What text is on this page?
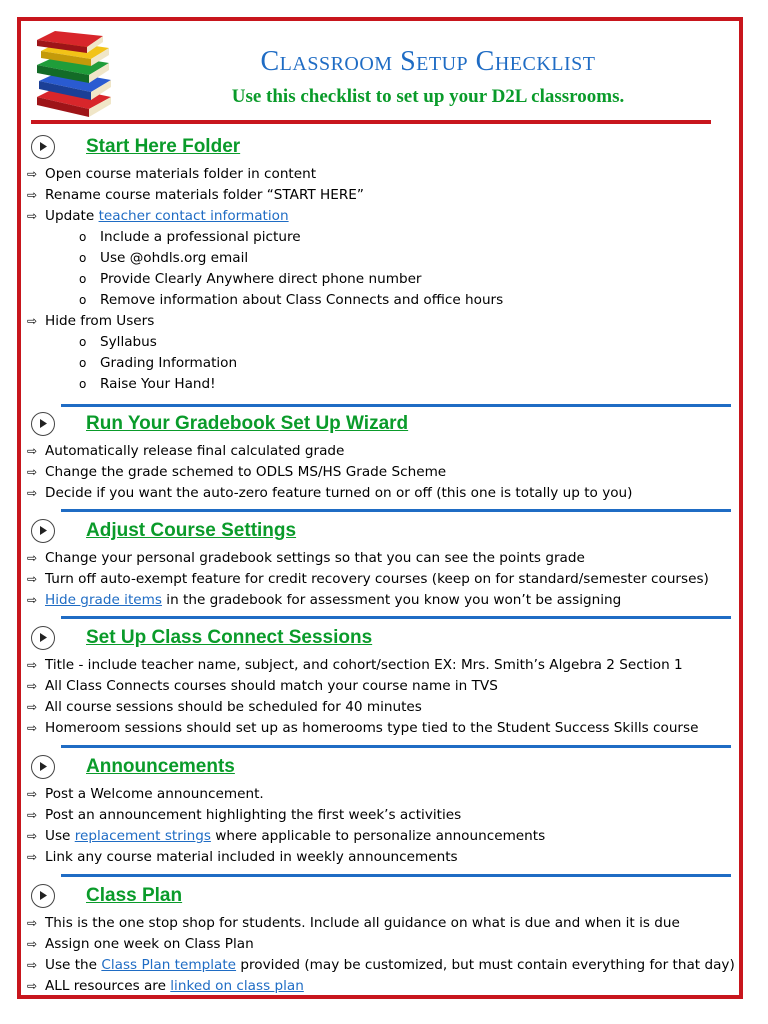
Classroom Setup Checklist
Use this checklist to set up your D2L classrooms.
Start Here Folder
⇨ Open course materials folder in content
⇨ Rename course materials folder “START HERE”
⇨ Update teacher contact information
o Include a professional picture
o Use @ohdls.org email
o Provide Clearly Anywhere direct phone number
o Remove information about Class Connects and office hours
⇨ Hide from Users
o Syllabus
o Grading Information
o Raise Your Hand!
Run Your Gradebook Set Up Wizard
⇨ Automatically release final calculated grade
⇨ Change the grade schemed to ODLS MS/HS Grade Scheme
⇨ Decide if you want the auto-zero feature turned on or off (this one is totally up to you)
Adjust Course Settings
⇨ Change your personal gradebook settings so that you can see the points grade
⇨ Turn off auto-exempt feature for credit recovery courses (keep on for standard/semester courses)
⇨ Hide grade items in the gradebook for assessment you know you won’t be assigning
Set Up Class Connect Sessions
⇨ Title - include teacher name, subject, and cohort/section EX: Mrs. Smith’s Algebra 2 Section 1
⇨ All Class Connects courses should match your course name in TVS
⇨ All course sessions should be scheduled for 40 minutes
⇨ Homeroom sessions should set up as homerooms type tied to the Student Success Skills course
Announcements
⇨ Post a Welcome announcement.
⇨ Post an announcement highlighting the first week’s activities
⇨ Use replacement strings where applicable to personalize announcements
⇨ Link any course material included in weekly announcements
Class Plan
⇨ This is the one stop shop for students. Include all guidance on what is due and when it is due
⇨ Assign one week on Class Plan
⇨ Use the Class Plan template provided (may be customized, but must contain everything for that day)
⇨ ALL resources are linked on class plan
